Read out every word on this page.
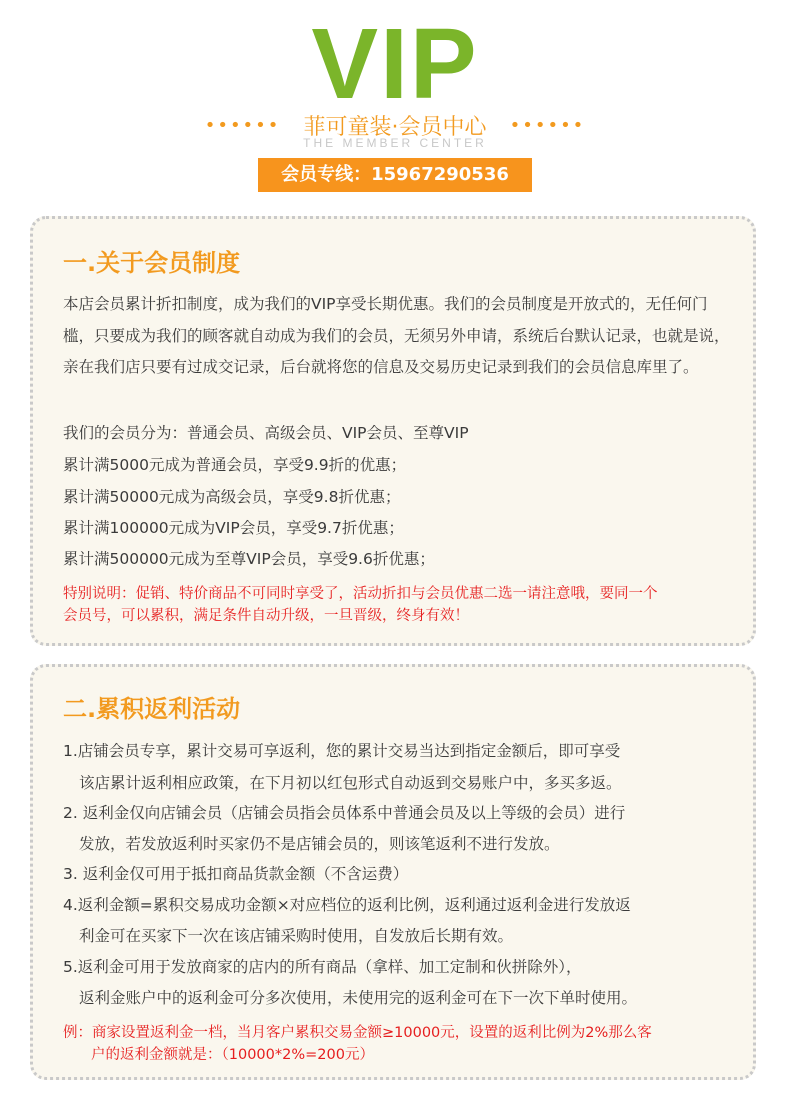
VIP
•••••• 菲可童装·会员中心 ••••••
THE MEMBER CENTER
会员专线：15967290536
一.关于会员制度
本店会员累计折扣制度，成为我们的VIP享受长期优惠。我们的会员制度是开放式的，无任何门槛，只要成为我们的顾客就自动成为我们的会员，无须另外申请，系统后台默认记录，也就是说，亲在我们店只要有过成交记录，后台就将您的信息及交易历史记录到我们的会员信息库里了。
我们的会员分为：普通会员、高级会员、VIP会员、至尊VIP
累计满5000元成为普通会员，享受9.9折的优惠；
累计满50000元成为高级会员，享受9.8折优惠；
累计满100000元成为VIP会员，享受9.7折优惠；
累计满500000元成为至尊VIP会员，享受9.6折优惠；
特别说明：促销、特价商品不可同时享受了，活动折扣与会员优惠二选一请注意哦，要同一个
会员号，可以累积，满足条件自动升级，一旦晋级，终身有效！
二.累积返利活动
1.店铺会员专享，累计交易可享返利，您的累计交易当达到指定金额后，即可享受
该店累计返利相应政策，在下月初以红包形式自动返到交易账户中，多买多返。
2. 返利金仅向店铺会员（店铺会员指会员体系中普通会员及以上等级的会员）进行
发放，若发放返利时买家仍不是店铺会员的，则该笔返利不进行发放。
3. 返利金仅可用于抵扣商品货款金额（不含运费）
4.返利金额=累积交易成功金额×对应档位的返利比例，返利通过返利金进行发放返
利金可在买家下一次在该店铺采购时使用，自发放后长期有效。
5.返利金可用于发放商家的店内的所有商品（拿样、加工定制和伙拼除外），
返利金账户中的返利金可分多次使用，未使用完的返利金可在下一次下单时使用。
例：商家设置返利金一档，当月客户累积交易金额≥10000元，设置的返利比例为2%那么客
户的返利金额就是：（10000*2%=200元）
